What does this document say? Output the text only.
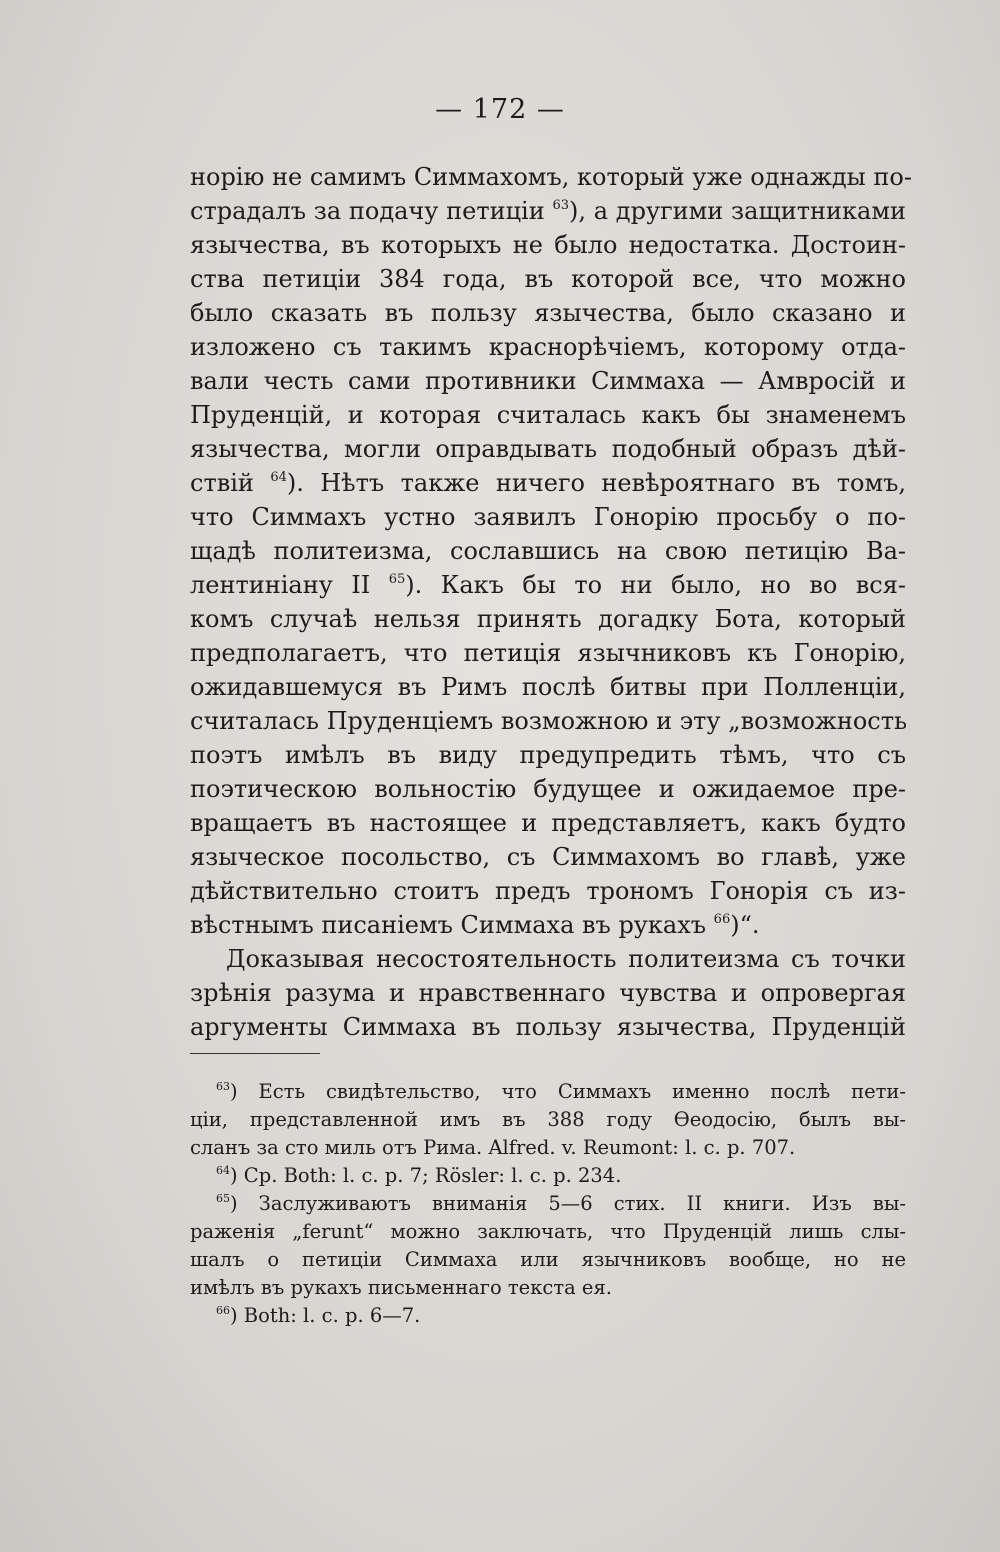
— 172 —
норію не самимъ Симмахомъ, который уже однажды по-
страдалъ за подачу петиціи $^{63}$), а другими защитниками
язычества, въ которыхъ не было недостатка. Достоин-
ства петиціи 384 года, въ которой все, что можно
было сказать въ пользу язычества, было сказано и
изложено съ такимъ краснорѣчіемъ, которому отда-
вали честь сами противники Симмаха — Амвросій и
Пруденцій, и которая считалась какъ бы знаменемъ
язычества, могли оправдывать подобный образъ дѣй-
ствій $^{64}$). Нѣтъ также ничего невѣроятнаго въ томъ,
что Симмахъ устно заявилъ Гонорію просьбу о по-
щадѣ политеизма, сославшись на свою петицію Ва-
лентиніану II $^{65}$). Какъ бы то ни было, но во вся-
комъ случаѣ нельзя принять догадку Бота, который
предполагаетъ, что петиція язычниковъ къ Гонорію,
ожидавшемуся въ Римъ послѣ битвы при Полленціи,
считалась Пруденціемъ возможною и эту „возможность
поэтъ имѣлъ въ виду предупредить тѣмъ, что съ
поэтическою вольностію будущее и ожидаемое пре-
вращаетъ въ настоящее и представляетъ, какъ будто
языческое посольство, съ Симмахомъ во главѣ, уже
дѣйствительно стоитъ предъ трономъ Гонорія съ из-
вѣстнымъ писаніемъ Симмаха въ рукахъ $^{66}$)“.
Доказывая несостоятельность политеизма съ точки
зрѣнія разума и нравственнаго чувства и опровергая
аргументы Симмаха въ пользу язычества, Пруденцій
$^{63}$) Есть свидѣтельство, что Симмахъ именно послѣ пети-
ціи, представленной имъ въ 388 году Өеодосію, былъ вы-
сланъ за сто миль отъ Рима. Alfred. v. Reumont: l. c. p. 707.
$^{64}$) Cp. Both: l. c. p. 7; Rösler: l. c. p. 234.
$^{65}$) Заслуживаютъ вниманія 5—6 стих. II книги. Изъ вы-
раженія „ferunt“ можно заключать, что Пруденцій лишь слы-
шалъ о петиціи Симмаха или язычниковъ вообще, но не
имѣлъ въ рукахъ письменнаго текста ея.
$^{66}$) Both: l. c. p. 6—7.
